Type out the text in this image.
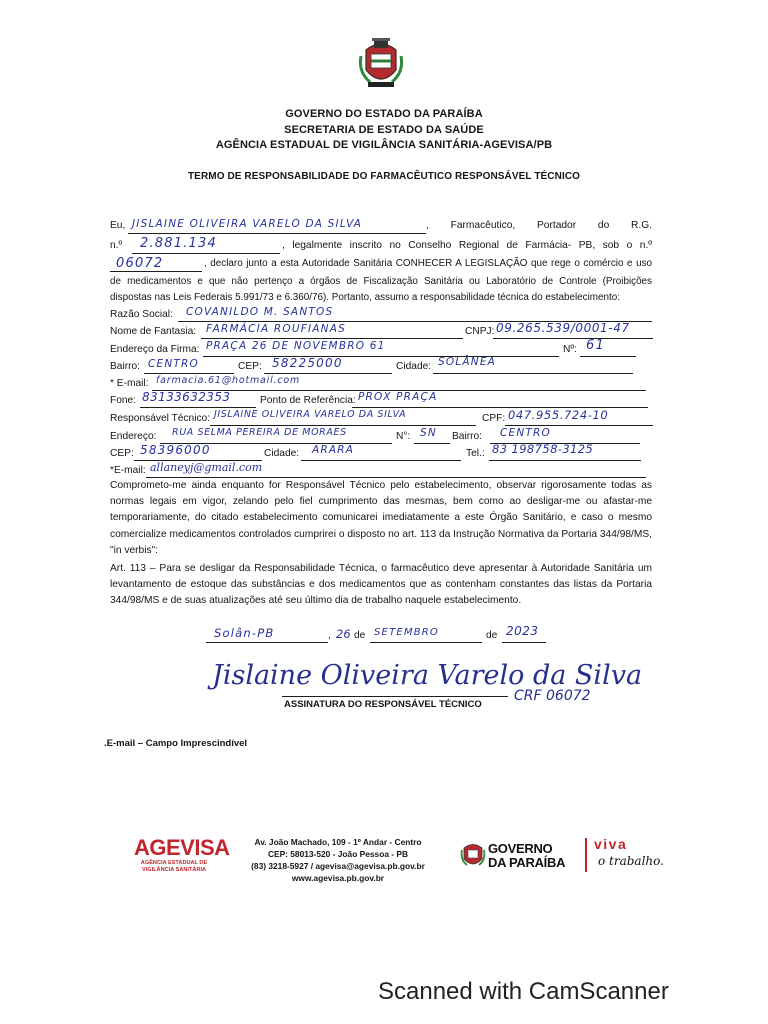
GOVERNO DO ESTADO DA PARAÍBA
SECRETARIA DE ESTADO DA SAÚDE
AGÊNCIA ESTADUAL DE VIGILÂNCIA SANITÁRIA-AGEVISA/PB
TERMO DE RESPONSABILIDADE DO FARMACÊUTICO RESPONSÁVEL TÉCNICO
Eu, JISLAINE OLIVEIRA VARELO DA SILVA	, Farmacêutico, Portador do R.G.
n.º 2.881.134	, legalmente inscrito no Conselho Regional de Farmácia- PB, sob o n.º
06072	, declaro junto a esta Autoridade Sanitária CONHECER A LEGISLAÇÃO que rege o comércio e uso
de medicamentos e que não pertenço a órgãos de Fiscalização Sanitária ou Laboratório de Controle (Proibições
dispostas nas Leis Federais 5.991/73 e 6.360/76). Portanto, assumo a responsabilidade técnica do estabelecimento:
Razão Social: COVANILDO M. SANTOS
Nome de Fantasia: FARMÁCIA ROUFIANAS	CNPJ: 09.265.539/0001-47
Endereço da Firma: PRAÇA 26 DE NOVEMBRO 61	Nº: 61
Bairro: CENTRO	CEP: 58225000	Cidade: SOLÂNEA
* E-mail: farmacia.61@hotmail.com
Fone: 83133632353	Ponto de Referência: PROX PRAÇA
Responsável Técnico: JISLAINE OLIVEIRA VARELO DA SILVA	CPF: 047.955.724-10
Endereço: RUA SELMA PEREIRA DE MORAES	N°: SN Bairro: CENTRO
CEP: 58396000	Cidade: ARARA	Tel.: 83 198758-3125
*E-mail: allaneyj@gmail.com
Comprometo-me ainda enquanto for Responsável Técnico pelo estabelecimento, observar rigorosamente todas as normas legais em vigor, zelando pelo fiel cumprimento das mesmas, bem como ao desligar-me ou afastar-me temporariamente, do citado estabelecimento comunicarei imediatamente a este Órgão Sanitário, e caso o mesmo comercialize medicamentos controlados cumprirei o disposto no art. 113 da Instrução Normativa da Portaria 344/98/MS, "in verbis":
Art. 113 – Para se desligar da Responsabilidade Técnica, o farmacêutico deve apresentar à Autoridade Sanitária um levantamento de estoque das substâncias e dos medicamentos que as contenham constantes das listas da Portaria 344/98/MS e de suas atualizações até seu último dia de trabalho naquele estabelecimento.
Solân-PB	, 26 de SETEMBRO	de 2023
Jislaine Oliveira Varelo da Silva
CRF 06072
ASSINATURA DO RESPONSÁVEL TÉCNICO
.E-mail – Campo Imprescindível
AGEVISA
AGÊNCIA ESTADUAL DE
VIGILÂNCIA SANITÁRIA
Av. João Machado, 109 - 1º Andar - Centro
CEP: 58013-520 - João Pessoa - PB
(83) 3218-5927 / agevisa@agevisa.pb.gov.br
www.agevisa.pb.gov.br
GOVERNO
DA PARAÍBA
viva
o trabalho.
Scanned with CamScanner
